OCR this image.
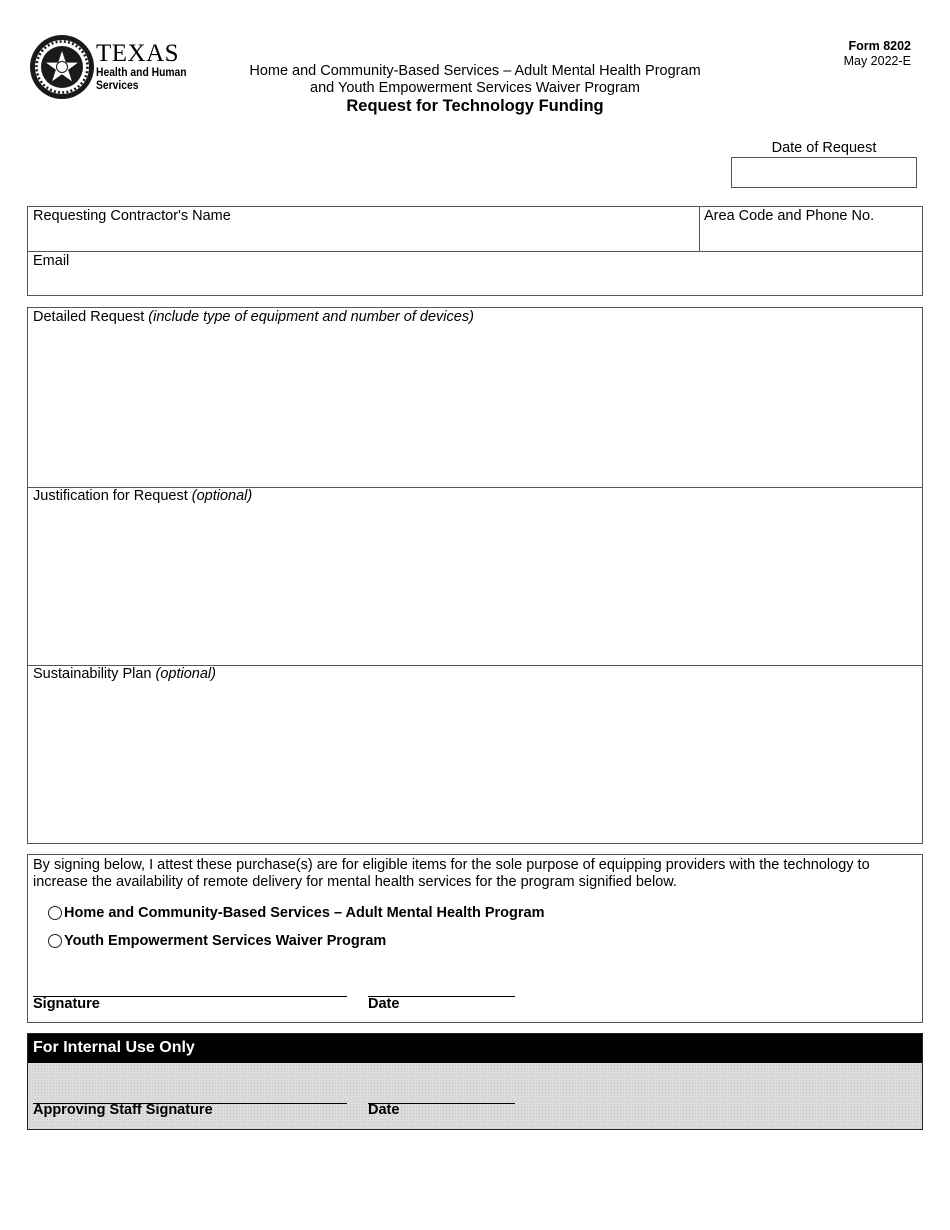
TEXAS
Health and Human
Services
Home and Community-Based Services – Adult Mental Health Program
and Youth Empowerment Services Waiver Program
Request for Technology Funding
Form 8202
May 2022-E
Date of Request
Requesting Contractor's Name	Area Code and Phone No.
Email
Detailed Request (include type of equipment and number of devices)
Justification for Request (optional)
Sustainability Plan (optional)
By signing below, I attest these purchase(s) are for eligible items for the sole purpose of equipping providers with the technology to increase the availability of remote delivery for mental health services for the program signified below.
Home and Community-Based Services – Adult Mental Health Program
Youth Empowerment Services Waiver Program
Signature	Date
For Internal Use Only
Approving Staff Signature	Date
